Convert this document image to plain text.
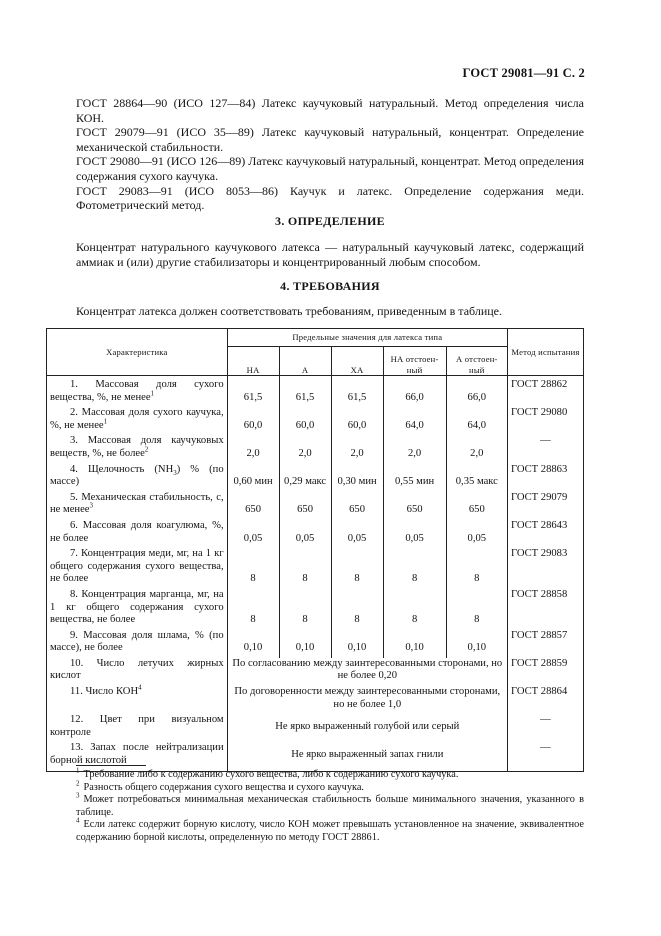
ГОСТ 29081—91 С. 2

ГОСТ 28864—90 (ИСО 127—84) Латекс каучуковый натуральный. Метод определения числа КОН.

ГОСТ 29079—91 (ИСО 35—89) Латекс каучуковый натуральный, концентрат. Определение механической стабильности.

ГОСТ 29080—91 (ИСО 126—89) Латекс каучуковый натуральный, концентрат. Метод определения содержания сухого каучука.

ГОСТ 29083—91 (ИСО 8053—86) Каучук и латекс. Определение содержания меди. Фотометрический метод.

3. ОПРЕДЕЛЕНИЕ
Концентрат натурального каучукового латекса — натуральный каучуковый латекс, содержащий аммиак и (или) другие стабилизаторы и концентрированный любым способом.
4. ТРЕБОВАНИЯ
Концентрат латекса должен соответствовать требованиям, приведенным в таблице.
Характеристика	Предельные значения для латекса типа					Метод испытания
	НА	А	ХА	НА отстоен-ный	А отстоен-ный	
1. Массовая доля сухого вещества, %, не менее$^1$	61,5	61,5	61,5	66,0	66,0	ГОСТ 28862
2. Массовая доля сухого каучука, %, не менее$^1$	60,0	60,0	60,0	64,0	64,0	ГОСТ 29080
3. Массовая доля каучуковых веществ, %, не более$^2$	2,0	2,0	2,0	2,0	2,0	—
4. Щелочность $(NH_3)$ % (по массе)	0,60 мин	0,29 макс	0,30 мин	0,55 мин	0,35 макс	ГОСТ 28863
5. Механическая стабильность, с, не менее$^3$	650	650	650	650	650	ГОСТ 29079
6. Массовая доля коагулюма, %, не более	0,05	0,05	0,05	0,05	0,05	ГОСТ 28643
7. Концентрация меди, мг, на 1 кг общего содержания сухого вещества, не более	8	8	8	8	8	ГОСТ 29083
8. Концентрация марганца, мг, на 1 кг общего содержания сухого вещества, не более	8	8	8	8	8	ГОСТ 28858
9. Массовая доля шлама, % (по массе), не более	0,10	0,10	0,10	0,10	0,10	ГОСТ 28857
10. Число летучих жирных кислот	По согласованию между заинтересованными сторонами, но не более 0,20					ГОСТ 28859
11. Число КОН$^4$	По договоренности между заинтересованными сторонами, но не более 1,0					ГОСТ 28864
12. Цвет при визуальном контроле	Не ярко выраженный голубой или серый					—
13. Запах после нейтрализации борной кислотой	Не ярко выраженный запах гнили					—

$^1$ Требование либо к содержанию сухого вещества, либо к содержанию сухого каучука.

$^2$ Разность общего содержания сухого вещества и сухого каучука.

$^3$ Может потребоваться минимальная механическая стабильность больше минимального значения, указанного в таблице.

$^4$ Если латекс содержит борную кислоту, число КОН может превышать установленное на значение, эквивалентное содержанию борной кислоты, определенную по методу ГОСТ 28861.
